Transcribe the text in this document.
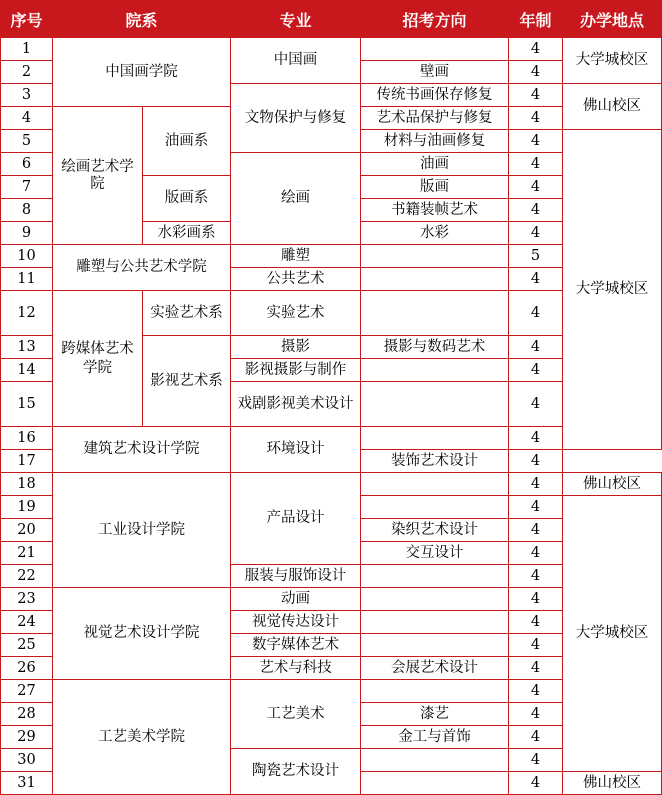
序号	院系		专业	招考方向	年制	办学地点
1	中国画学院		中国画		4	大学城校区
2				壁画	4	
3			文物保护与修复	传统书画保存修复	4	佛山校区
4	绘画艺术学院	油画系		艺术品保护与修复	4	
5				材料与油画修复	4	大学城校区
6			绘画	油画	4	
7		版画系		版画	4	
8				书籍装帧艺术	4	
9		水彩画系		水彩	4	
10	雕塑与公共艺术学院		雕塑		5	
11			公共艺术		4	
12	跨媒体艺术学院	实验艺术系	实验艺术		4	
13		影视艺术系	摄影	摄影与数码艺术	4	
14			影视摄影与制作		4	
15			戏剧影视美术设计		4	
16	建筑艺术设计学院		环境设计		4	
17				装饰艺术设计	4	
18	工业设计学院		产品设计		4	佛山校区
19					4	大学城校区
20				染织艺术设计	4	
21				交互设计	4	
22			服装与服饰设计		4	
23	视觉艺术设计学院		动画		4	
24			视觉传达设计		4	
25			数字媒体艺术		4	
26			艺术与科技	会展艺术设计	4	
27	工艺美术学院		工艺美术		4	
28				漆艺	4	
29				金工与首饰	4	
30			陶瓷艺术设计		4	
31					4	佛山校区
